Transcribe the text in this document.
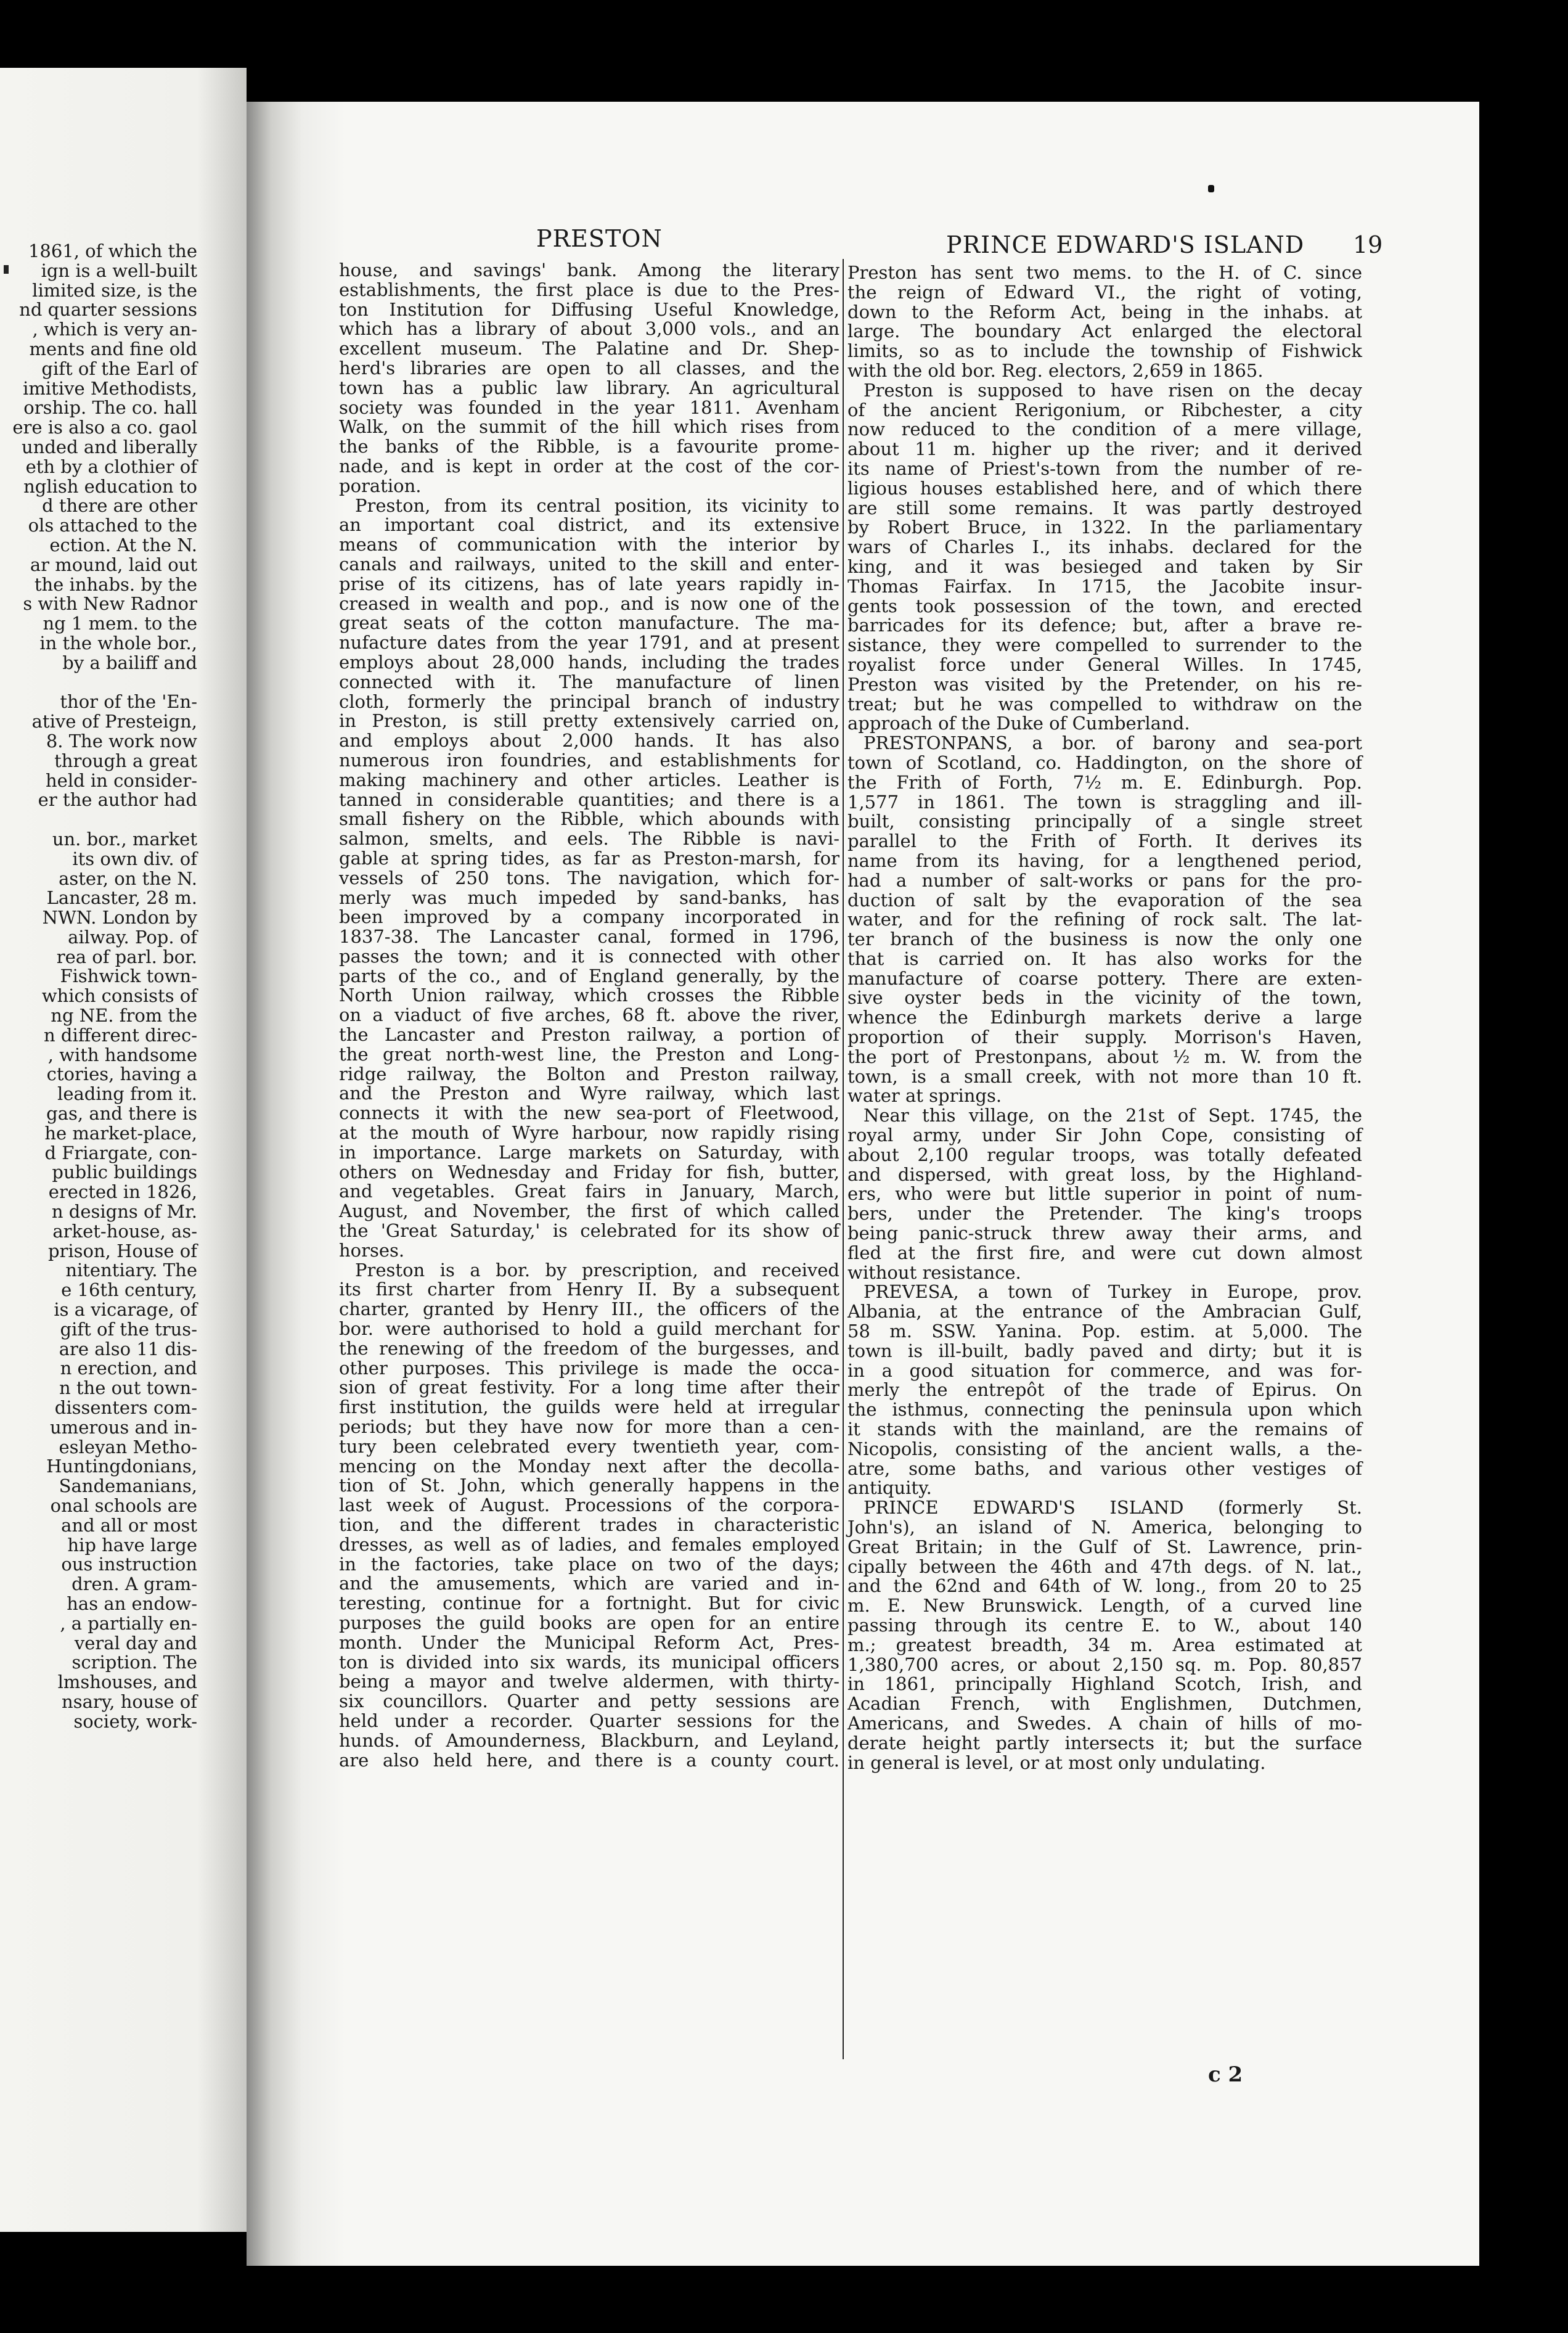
1861, of which the
ign is a well-built
limited size, is the
nd quarter sessions
, which is very an-
ments and fine old
gift of the Earl of
imitive Methodists,
orship. The co. hall
ere is also a co. gaol
unded and liberally
eth by a clothier of
nglish education to
d there are other
ols attached to the
ection. At the N.
ar mound, laid out
the inhabs. by the
s with New Radnor
ng 1 mem. to the
in the whole bor.,
by a bailiff and

thor of the 'En-
ative of Presteign,
8. The work now
through a great
held in consider-
er the author had

un. bor., market
its own div. of
aster, on the N.
Lancaster, 28 m.
NWN. London by
ailway. Pop. of
rea of parl. bor.
Fishwick town-
which consists of
ng NE. from the
n different direc-
, with handsome
ctories, having a
leading from it.
gas, and there is
he market-place,
d Friargate, con-
public buildings
erected in 1826,
n designs of Mr.
arket-house, as-
prison, House of
nitentiary. The
e 16th century,
is a vicarage, of
gift of the trus-
are also 11 dis-
n erection, and
n the out town-
dissenters com-
umerous and in-
esleyan Metho-
Huntingdonians,
Sandemanians,
onal schools are
and all or most
hip have large
ous instruction
dren. A gram-
has an endow-
, a partially en-
veral day and
scription. The
lmshouses, and
nsary, house of
society, work-
PRESTON	PRINCE EDWARD'S ISLAND 19
house, and savings' bank. Among the literary
establishments, the first place is due to the Pres-
ton Institution for Diffusing Useful Knowledge,
which has a library of about 3,000 vols., and an
excellent museum. The Palatine and Dr. Shep-
herd's libraries are open to all classes, and the
town has a public law library. An agricultural
society was founded in the year 1811. Avenham
Walk, on the summit of the hill which rises from
the banks of the Ribble, is a favourite prome-
nade, and is kept in order at the cost of the cor-
poration.
Preston, from its central position, its vicinity to
an important coal district, and its extensive
means of communication with the interior by
canals and railways, united to the skill and enter-
prise of its citizens, has of late years rapidly in-
creased in wealth and pop., and is now one of the
great seats of the cotton manufacture. The ma-
nufacture dates from the year 1791, and at present
employs about 28,000 hands, including the trades
connected with it. The manufacture of linen
cloth, formerly the principal branch of industry
in Preston, is still pretty extensively carried on,
and employs about 2,000 hands. It has also
numerous iron foundries, and establishments for
making machinery and other articles. Leather is
tanned in considerable quantities; and there is a
small fishery on the Ribble, which abounds with
salmon, smelts, and eels. The Ribble is navi-
gable at spring tides, as far as Preston-marsh, for
vessels of 250 tons. The navigation, which for-
merly was much impeded by sand-banks, has
been improved by a company incorporated in
1837-38. The Lancaster canal, formed in 1796,
passes the town; and it is connected with other
parts of the co., and of England generally, by the
North Union railway, which crosses the Ribble
on a viaduct of five arches, 68 ft. above the river,
the Lancaster and Preston railway, a portion of
the great north-west line, the Preston and Long-
ridge railway, the Bolton and Preston railway,
and the Preston and Wyre railway, which last
connects it with the new sea-port of Fleetwood,
at the mouth of Wyre harbour, now rapidly rising
in importance. Large markets on Saturday, with
others on Wednesday and Friday for fish, butter,
and vegetables. Great fairs in January, March,
August, and November, the first of which called
the 'Great Saturday,' is celebrated for its show of
horses.
Preston is a bor. by prescription, and received
its first charter from Henry II. By a subsequent
charter, granted by Henry III., the officers of the
bor. were authorised to hold a guild merchant for
the renewing of the freedom of the burgesses, and
other purposes. This privilege is made the occa-
sion of great festivity. For a long time after their
first institution, the guilds were held at irregular
periods; but they have now for more than a cen-
tury been celebrated every twentieth year, com-
mencing on the Monday next after the decolla-
tion of St. John, which generally happens in the
last week of August. Processions of the corpora-
tion, and the different trades in characteristic
dresses, as well as of ladies, and females employed
in the factories, take place on two of the days;
and the amusements, which are varied and in-
teresting, continue for a fortnight. But for civic
purposes the guild books are open for an entire
month. Under the Municipal Reform Act, Pres-
ton is divided into six wards, its municipal officers
being a mayor and twelve aldermen, with thirty-
six councillors. Quarter and petty sessions are
held under a recorder. Quarter sessions for the
hunds. of Amounderness, Blackburn, and Leyland,
are also held here, and there is a county court.
Preston has sent two mems. to the H. of C. since
the reign of Edward VI., the right of voting,
down to the Reform Act, being in the inhabs. at
large. The boundary Act enlarged the electoral
limits, so as to include the township of Fishwick
with the old bor. Reg. electors, 2,659 in 1865.
Preston is supposed to have risen on the decay
of the ancient Rerigonium, or Ribchester, a city
now reduced to the condition of a mere village,
about 11 m. higher up the river; and it derived
its name of Priest's-town from the number of re-
ligious houses established here, and of which there
are still some remains. It was partly destroyed
by Robert Bruce, in 1322. In the parliamentary
wars of Charles I., its inhabs. declared for the
king, and it was besieged and taken by Sir
Thomas Fairfax. In 1715, the Jacobite insur-
gents took possession of the town, and erected
barricades for its defence; but, after a brave re-
sistance, they were compelled to surrender to the
royalist force under General Willes. In 1745,
Preston was visited by the Pretender, on his re-
treat; but he was compelled to withdraw on the
approach of the Duke of Cumberland.
PRESTONPANS, a bor. of barony and sea-port
town of Scotland, co. Haddington, on the shore of
the Frith of Forth, 7½ m. E. Edinburgh. Pop.
1,577 in 1861. The town is straggling and ill-
built, consisting principally of a single street
parallel to the Frith of Forth. It derives its
name from its having, for a lengthened period,
had a number of salt-works or pans for the pro-
duction of salt by the evaporation of the sea
water, and for the refining of rock salt. The lat-
ter branch of the business is now the only one
that is carried on. It has also works for the
manufacture of coarse pottery. There are exten-
sive oyster beds in the vicinity of the town,
whence the Edinburgh markets derive a large
proportion of their supply. Morrison's Haven,
the port of Prestonpans, about ½ m. W. from the
town, is a small creek, with not more than 10 ft.
water at springs.
Near this village, on the 21st of Sept. 1745, the
royal army, under Sir John Cope, consisting of
about 2,100 regular troops, was totally defeated
and dispersed, with great loss, by the Highland-
ers, who were but little superior in point of num-
bers, under the Pretender. The king's troops
being panic-struck threw away their arms, and
fled at the first fire, and were cut down almost
without resistance.
PREVESA, a town of Turkey in Europe, prov.
Albania, at the entrance of the Ambracian Gulf,
58 m. SSW. Yanina. Pop. estim. at 5,000. The
town is ill-built, badly paved and dirty; but it is
in a good situation for commerce, and was for-
merly the entrepôt of the trade of Epirus. On
the isthmus, connecting the peninsula upon which
it stands with the mainland, are the remains of
Nicopolis, consisting of the ancient walls, a the-
atre, some baths, and various other vestiges of
antiquity.
PRINCE EDWARD'S ISLAND (formerly St.
John's), an island of N. America, belonging to
Great Britain; in the Gulf of St. Lawrence, prin-
cipally between the 46th and 47th degs. of N. lat.,
and the 62nd and 64th of W. long., from 20 to 25
m. E. New Brunswick. Length, of a curved line
passing through its centre E. to W., about 140
m.; greatest breadth, 34 m. Area estimated at
1,380,700 acres, or about 2,150 sq. m. Pop. 80,857
in 1861, principally Highland Scotch, Irish, and
Acadian French, with Englishmen, Dutchmen,
Americans, and Swedes. A chain of hills of mo-
derate height partly intersects it; but the surface
in general is level, or at most only undulating.
c 2
